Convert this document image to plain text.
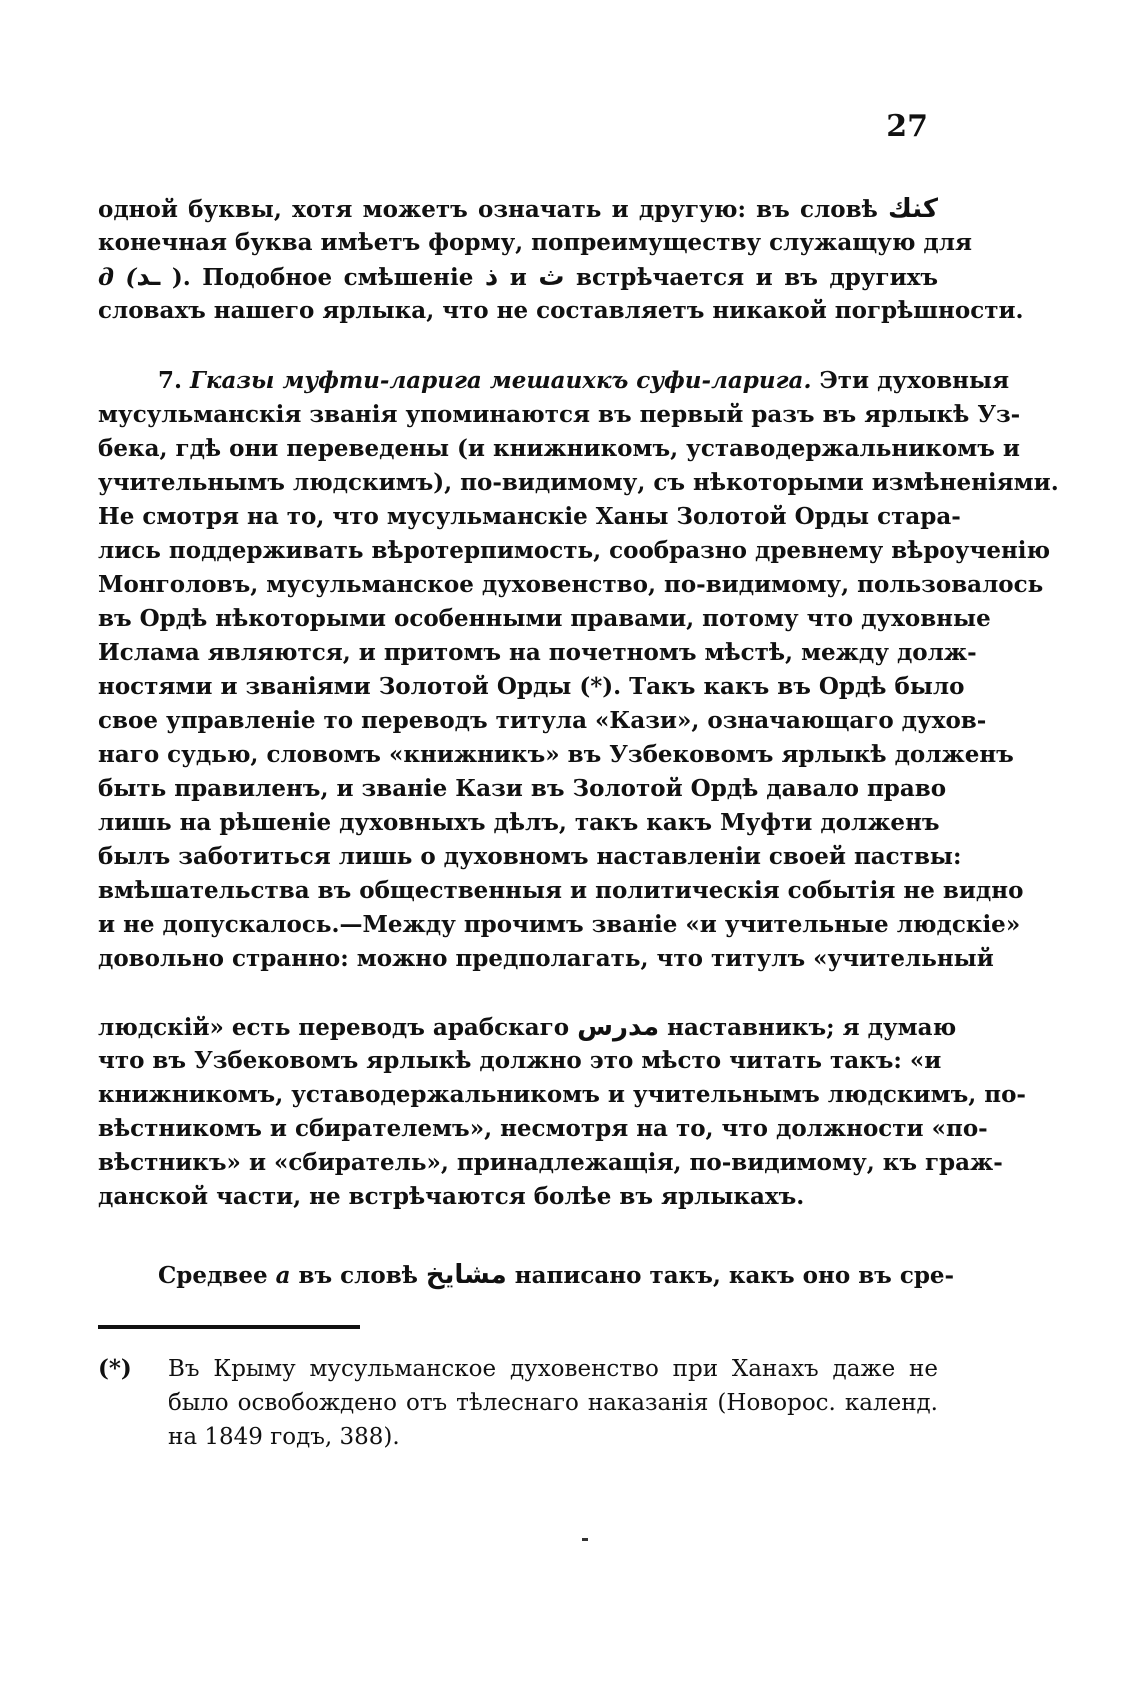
27
одной буквы, хотя можетъ означать и другую: въ словѣ کنك
конечная буква имѣетъ форму, попреимуществу служащую для
д (ـد ). Подобное смѣшеніе ذ и ث встрѣчается и въ другихъ
словахъ нашего ярлыка, что не составляетъ никакой погрѣшности.
7. Гказы муфти-ларига мешаихкъ суфи-ларига. Эти духовныя
мусульманскія званія упоминаются въ первый разъ въ ярлыкѣ Уз-
бека, гдѣ они переведены (и книжникомъ, уставодержальникомъ и
учительнымъ людскимъ), по-видимому, съ нѣкоторыми измѣненіями.
Не смотря на то, что мусульманскіе Ханы Золотой Орды стара-
лись поддерживать вѣротерпимость, сообразно древнему вѣроученію
Монголовъ, мусульманское духовенство, по-видимому, пользовалось
въ Ордѣ нѣкоторыми особенными правами, потому что духовные
Ислама являются, и притомъ на почетномъ мѣстѣ, между долж-
ностями и званіями Золотой Орды (*). Такъ какъ въ Ордѣ было
свое управленіе то переводъ титула «Кази», означающаго духов-
наго судью, словомъ «книжникъ» въ Узбековомъ ярлыкѣ долженъ
быть правиленъ, и званіе Кази въ Золотой Ордѣ давало право
лишь на рѣшеніе духовныхъ дѣлъ, такъ какъ Муфти долженъ
былъ заботиться лишь о духовномъ наставленіи своей паствы:
вмѣшательства въ общественныя и политическія событія не видно
и не допускалось.—Между прочимъ званіе «и учительные людскіе»
довольно странно: можно предполагать, что титулъ «учительный
людскій» есть переводъ арабскаго مدرس наставникъ; я думаю
что въ Узбековомъ ярлыкѣ должно это мѣсто читать такъ: «и
книжникомъ, уставодержальникомъ и учительнымъ людскимъ, по-
вѣстникомъ и сбирателемъ», несмотря на то, что должности «по-
вѣстникъ» и «сбиратель», принадлежащія, по-видимому, къ граж-
данской части, не встрѣчаются болѣе въ ярлыкахъ.
Средвее а въ словѣ مشايخ написано такъ, какъ оно въ сре-
(*) Въ Крыму мусульманское духовенство при Ханахъ даже не
было освобождено отъ тѣлеснаго наказанія (Новорос. календ.
на 1849 годъ, 388).
